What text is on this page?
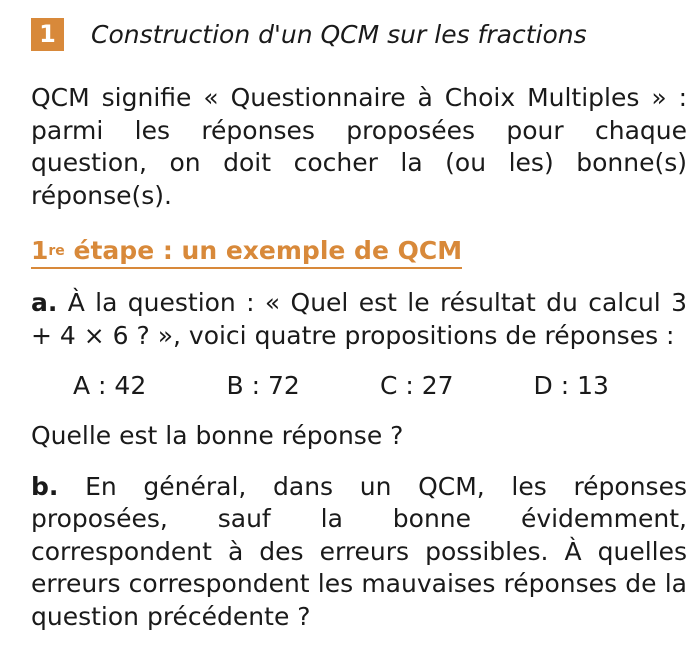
1	Construction d'un QCM sur les fractions

QCM signifie « Questionnaire à Choix Multiples » : parmi les réponses proposées pour chaque question, on doit cocher la (ou les) bonne(s) réponse(s).

1re étape : un exemple de QCM

a. À la question : « Quel est le résultat du calcul 3 + 4 × 6 ? », voici quatre propositions de réponses :

A : 42	B : 72	C : 27	D : 13

Quelle est la bonne réponse ?

b. En général, dans un QCM, les réponses proposées, sauf la bonne évidemment, correspondent à des erreurs possibles. À quelles erreurs correspondent les mauvaises réponses de la question précédente ?
